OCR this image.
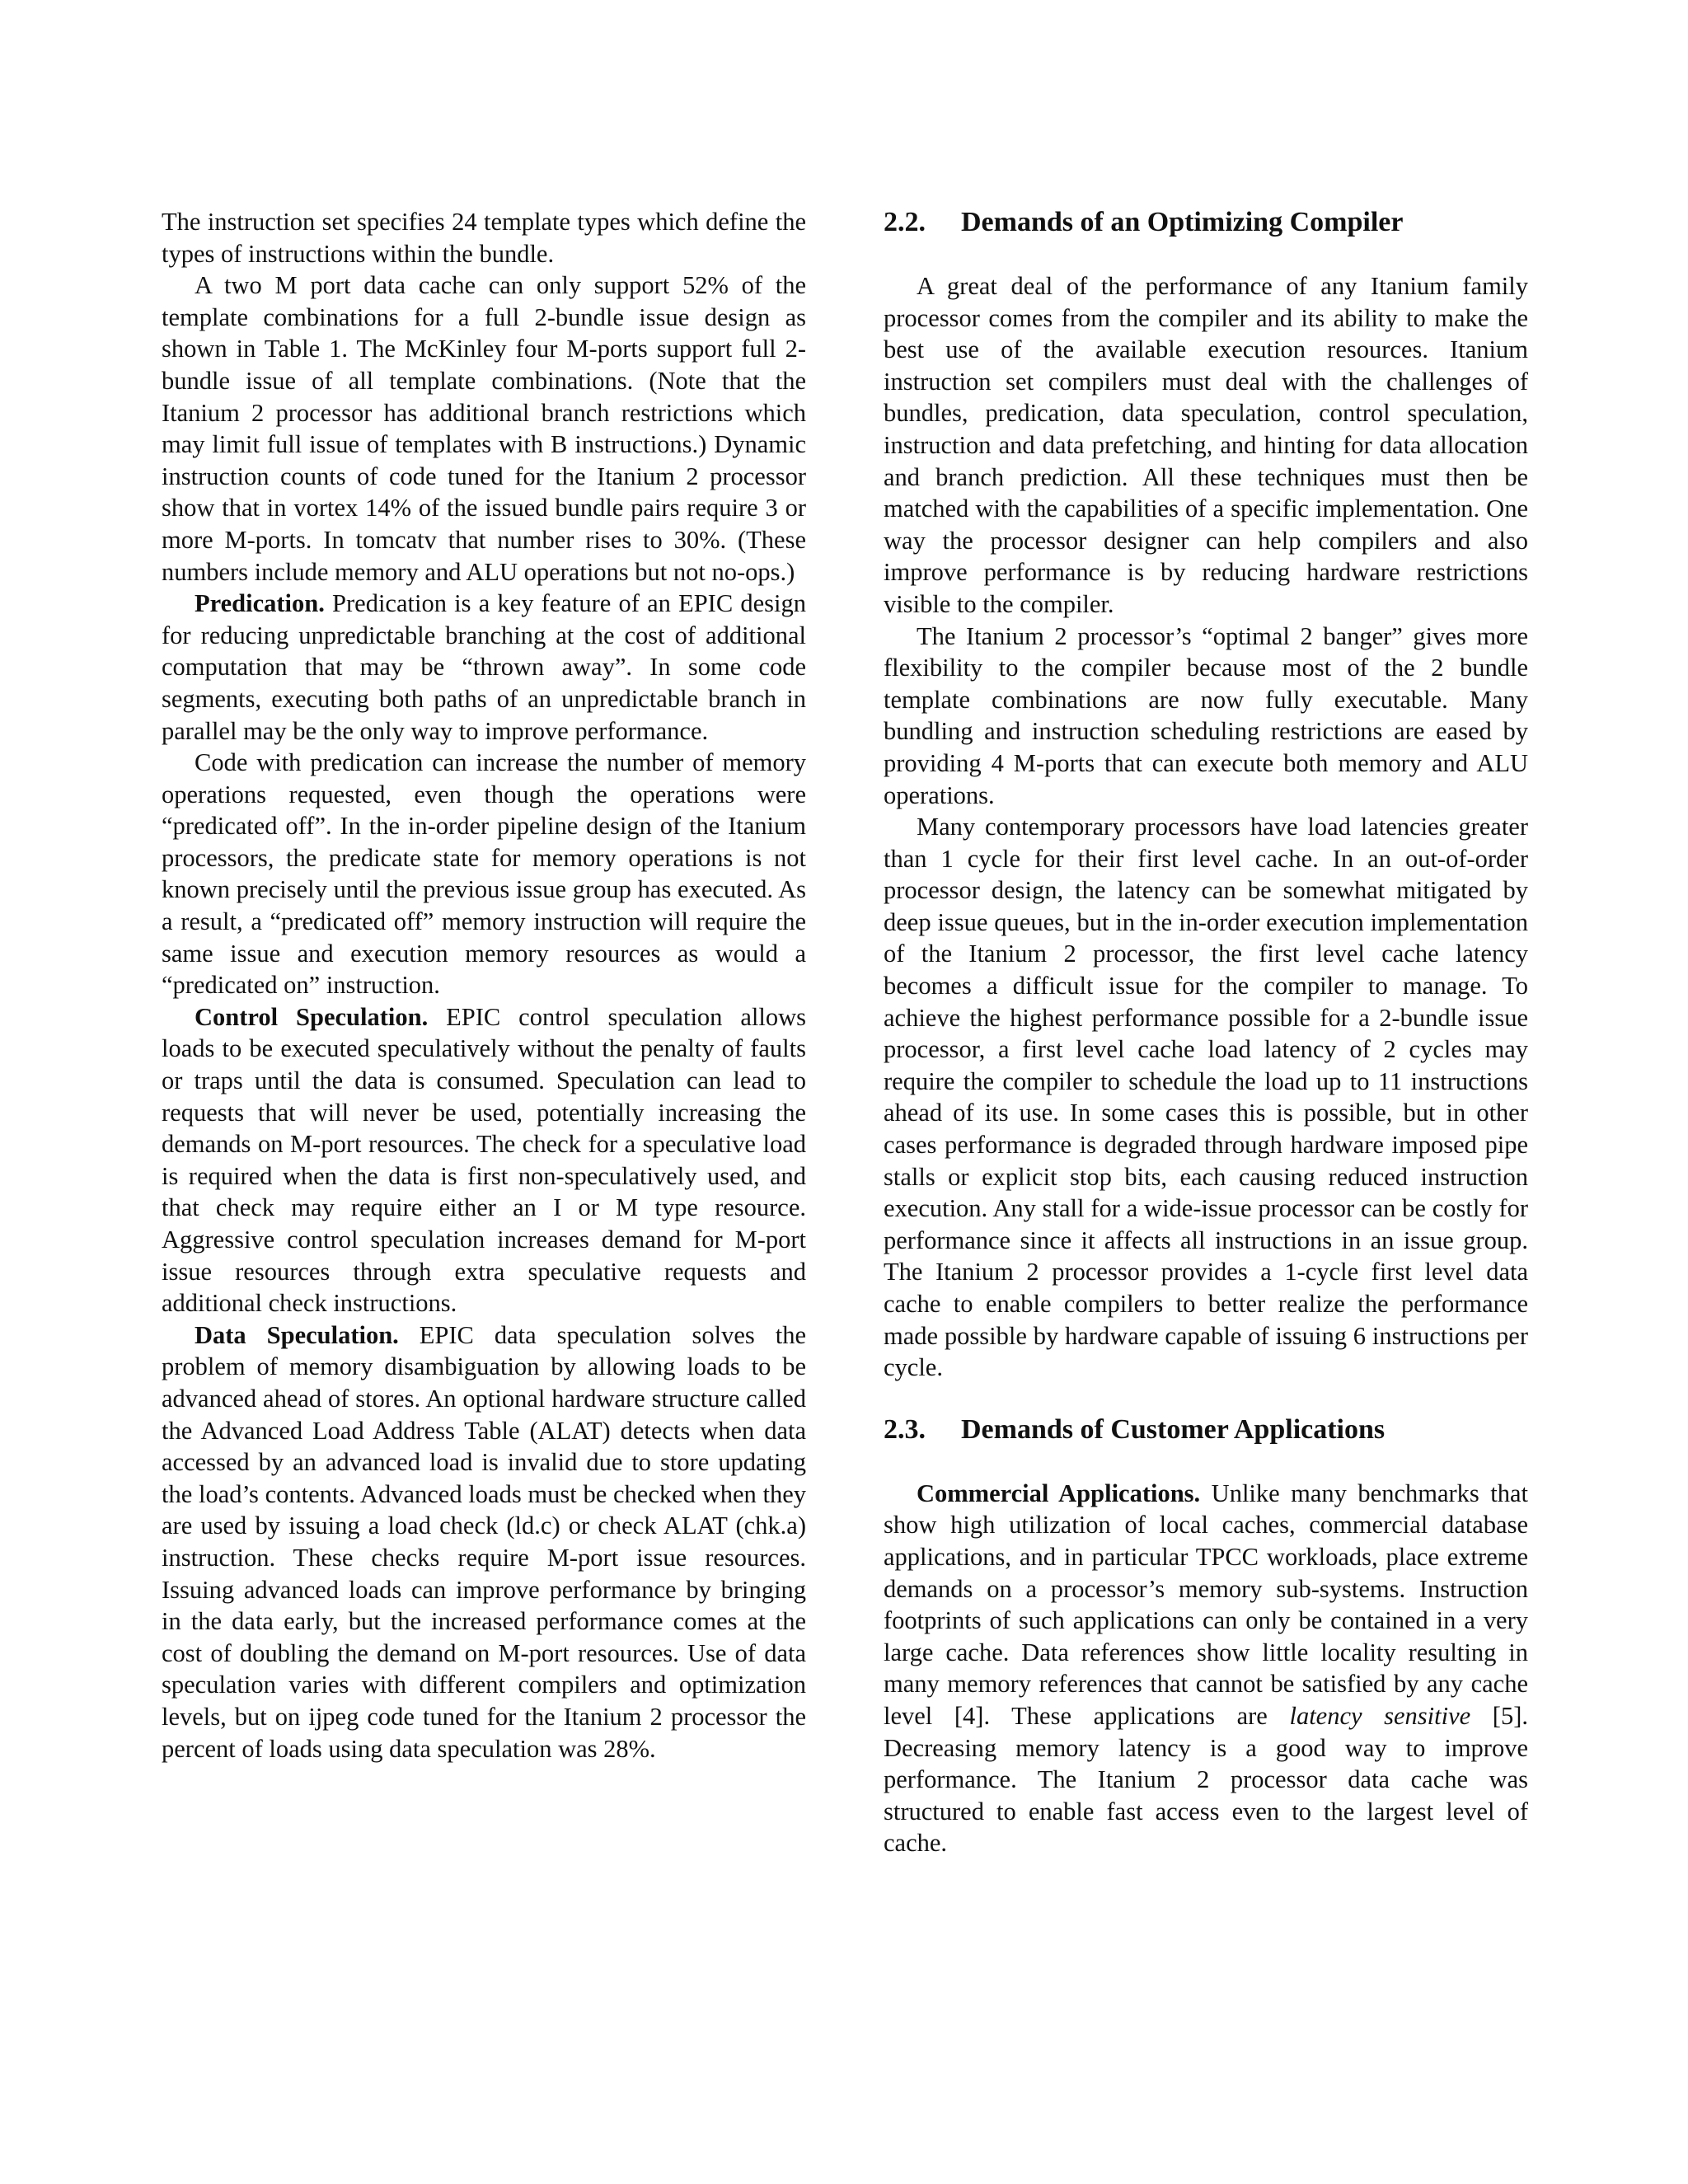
The instruction set specifies 24 template types which define the types of instructions within the bundle.

A two M port data cache can only support 52% of the template combinations for a full 2-bundle issue design as shown in Table 1. The McKinley four M-ports support full 2-bundle issue of all template combinations. (Note that the Itanium 2 processor has additional branch restrictions which may limit full issue of templates with B instructions.) Dynamic instruction counts of code tuned for the Itanium 2 processor show that in vortex 14% of the issued bundle pairs require 3 or more M-ports. In tomcatv that number rises to 30%. (These numbers include memory and ALU operations but not no-ops.)

Predication. Predication is a key feature of an EPIC design for reducing unpredictable branching at the cost of additional computation that may be “thrown away”. In some code segments, executing both paths of an unpredictable branch in parallel may be the only way to improve performance.

Code with predication can increase the number of memory operations requested, even though the operations were “predicated off”. In the in-order pipeline design of the Itanium processors, the predicate state for memory operations is not known precisely until the previous issue group has executed. As a result, a “predicated off” memory instruction will require the same issue and execution memory resources as would a “predicated on” instruction.

Control Speculation. EPIC control speculation allows loads to be executed speculatively without the penalty of faults or traps until the data is consumed. Speculation can lead to requests that will never be used, potentially increasing the demands on M-port resources. The check for a speculative load is required when the data is first non-speculatively used, and that check may require either an I or M type resource. Aggressive control speculation increases demand for M-port issue resources through extra speculative requests and additional check instructions.

Data Speculation. EPIC data speculation solves the problem of memory disambiguation by allowing loads to be advanced ahead of stores. An optional hardware structure called the Advanced Load Address Table (ALAT) detects when data accessed by an advanced load is invalid due to store updating the load’s contents. Advanced loads must be checked when they are used by issuing a load check (ld.c) or check ALAT (chk.a) instruction. These checks require M-port issue resources. Issuing advanced loads can improve performance by bringing in the data early, but the increased performance comes at the cost of doubling the demand on M-port resources. Use of data speculation varies with different compilers and optimization levels, but on ijpeg code tuned for the Itanium 2 processor the percent of loads using data speculation was 28%.

2.2. Demands of an Optimizing Compiler

A great deal of the performance of any Itanium family processor comes from the compiler and its ability to make the best use of the available execution resources. Itanium instruction set compilers must deal with the challenges of bundles, predication, data speculation, control speculation, instruction and data prefetching, and hinting for data allocation and branch prediction. All these techniques must then be matched with the capabilities of a specific implementation. One way the processor designer can help compilers and also improve performance is by reducing hardware restrictions visible to the compiler.

The Itanium 2 processor’s “optimal 2 banger” gives more flexibility to the compiler because most of the 2 bundle template combinations are now fully executable. Many bundling and instruction scheduling restrictions are eased by providing 4 M-ports that can execute both memory and ALU operations.

Many contemporary processors have load latencies greater than 1 cycle for their first level cache. In an out-of-order processor design, the latency can be somewhat mitigated by deep issue queues, but in the in-order execution implementation of the Itanium 2 processor, the first level cache latency becomes a difficult issue for the compiler to manage. To achieve the highest performance possible for a 2-bundle issue processor, a first level cache load latency of 2 cycles may require the compiler to schedule the load up to 11 instructions ahead of its use. In some cases this is possible, but in other cases performance is degraded through hardware imposed pipe stalls or explicit stop bits, each causing reduced instruction execution. Any stall for a wide-issue processor can be costly for performance since it affects all instructions in an issue group. The Itanium 2 processor provides a 1-cycle first level data cache to enable compilers to better realize the performance made possible by hardware capable of issuing 6 instructions per cycle.

2.3. Demands of Customer Applications

Commercial Applications. Unlike many benchmarks that show high utilization of local caches, commercial database applications, and in particular TPCC workloads, place extreme demands on a processor’s memory sub-systems. Instruction footprints of such applications can only be contained in a very large cache. Data references show little locality resulting in many memory references that cannot be satisfied by any cache level [4]. These applications are latency sensitive [5]. Decreasing memory latency is a good way to improve performance. The Itanium 2 processor data cache was structured to enable fast access even to the largest level of cache.
